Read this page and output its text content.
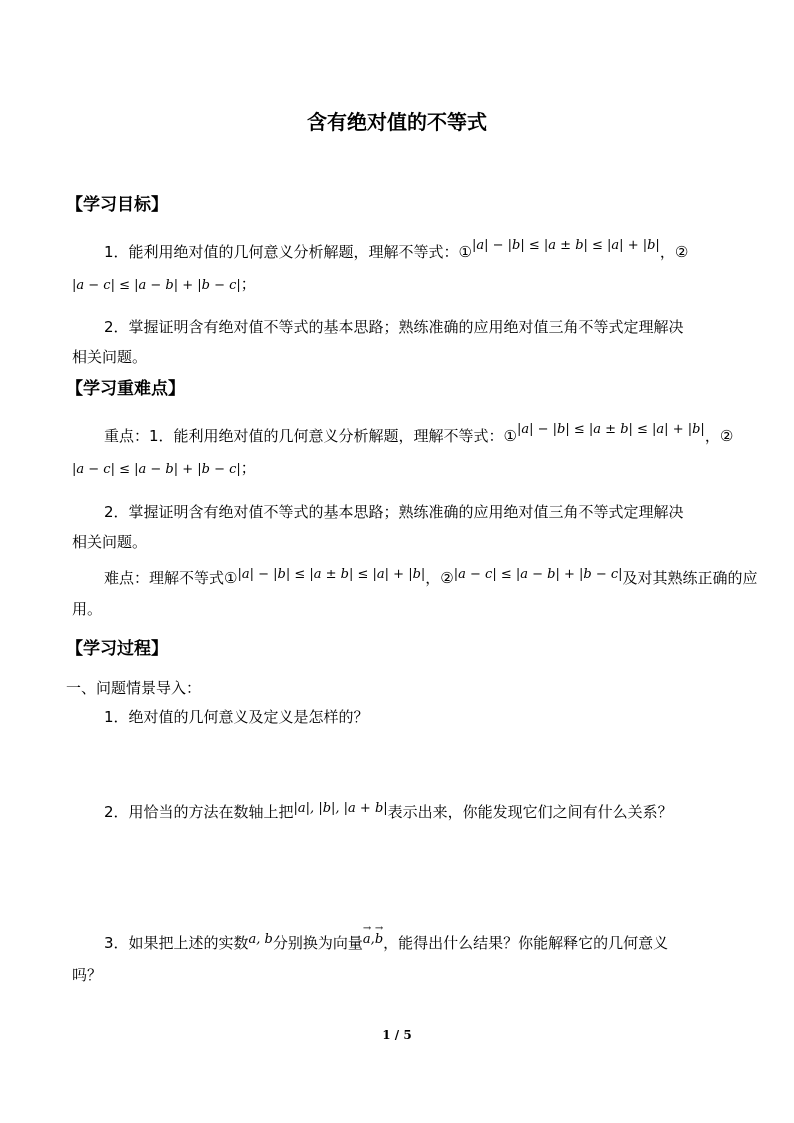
含有绝对值的不等式
【学习目标】
1．能利用绝对值的几何意义分析解题，理解不等式：①|a| − |b| ≤ |a ± b| ≤ |a| + |b|，②
|a − c| ≤ |a − b| + |b − c|；
2．掌握证明含有绝对值不等式的基本思路；熟练准确的应用绝对值三角不等式定理解决
相关问题。
【学习重难点】
重点：1．能利用绝对值的几何意义分析解题，理解不等式：①|a| − |b| ≤ |a ± b| ≤ |a| + |b|，②
|a − c| ≤ |a − b| + |b − c|；
2．掌握证明含有绝对值不等式的基本思路；熟练准确的应用绝对值三角不等式定理解决
相关问题。
难点：理解不等式①|a| − |b| ≤ |a ± b| ≤ |a| + |b|，②|a − c| ≤ |a − b| + |b − c|及对其熟练正确的应
用。
【学习过程】
一、问题情景导入：
1．绝对值的几何意义及定义是怎样的？
2．用恰当的方法在数轴上把|a|, |b|, |a + b|表示出来，你能发现它们之间有什么关系？
3．如果把上述的实数a, b分别换为向量
→
a,
→
b，能得出什么结果？你能解释它的几何意义
吗？
1 / 5
